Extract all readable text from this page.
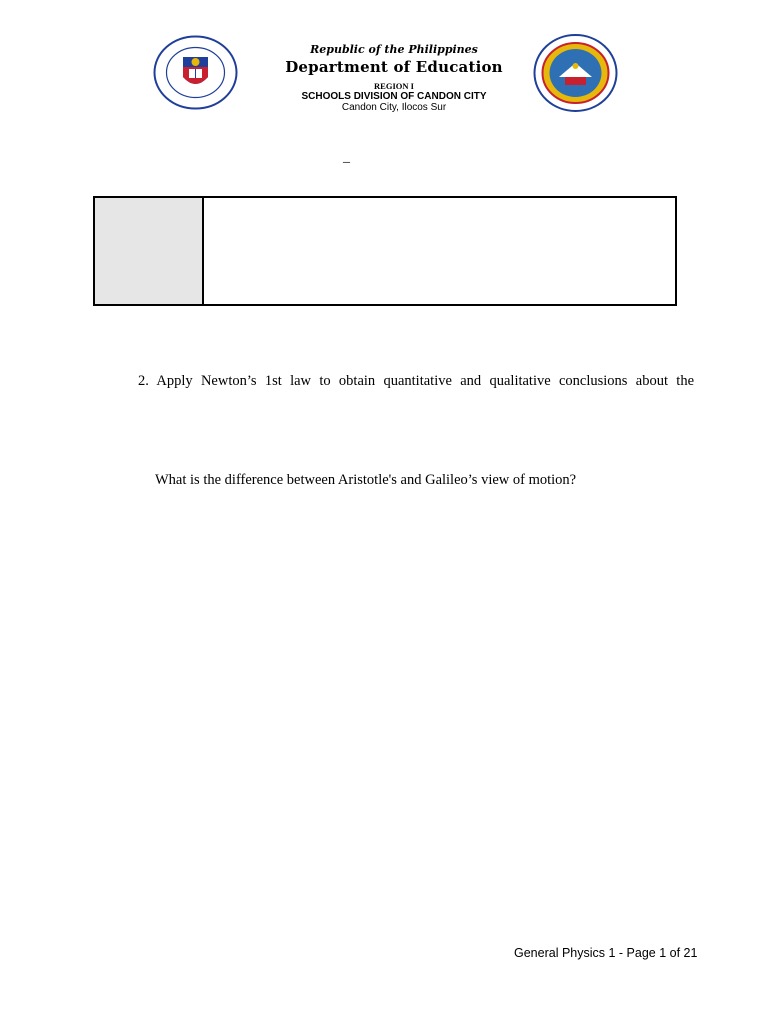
Republic of the Philippines
Department of Education
REGION I
SCHOOLS DIVISION OF CANDON CITY
Candon City, Ilocos Sur
_
2. Apply Newton’s 1st law to obtain quantitative and qualitative conclusions about the
What is the difference between Aristotle's and Galileo’s view of motion?
General Physics 1 - Page 1 of 21
